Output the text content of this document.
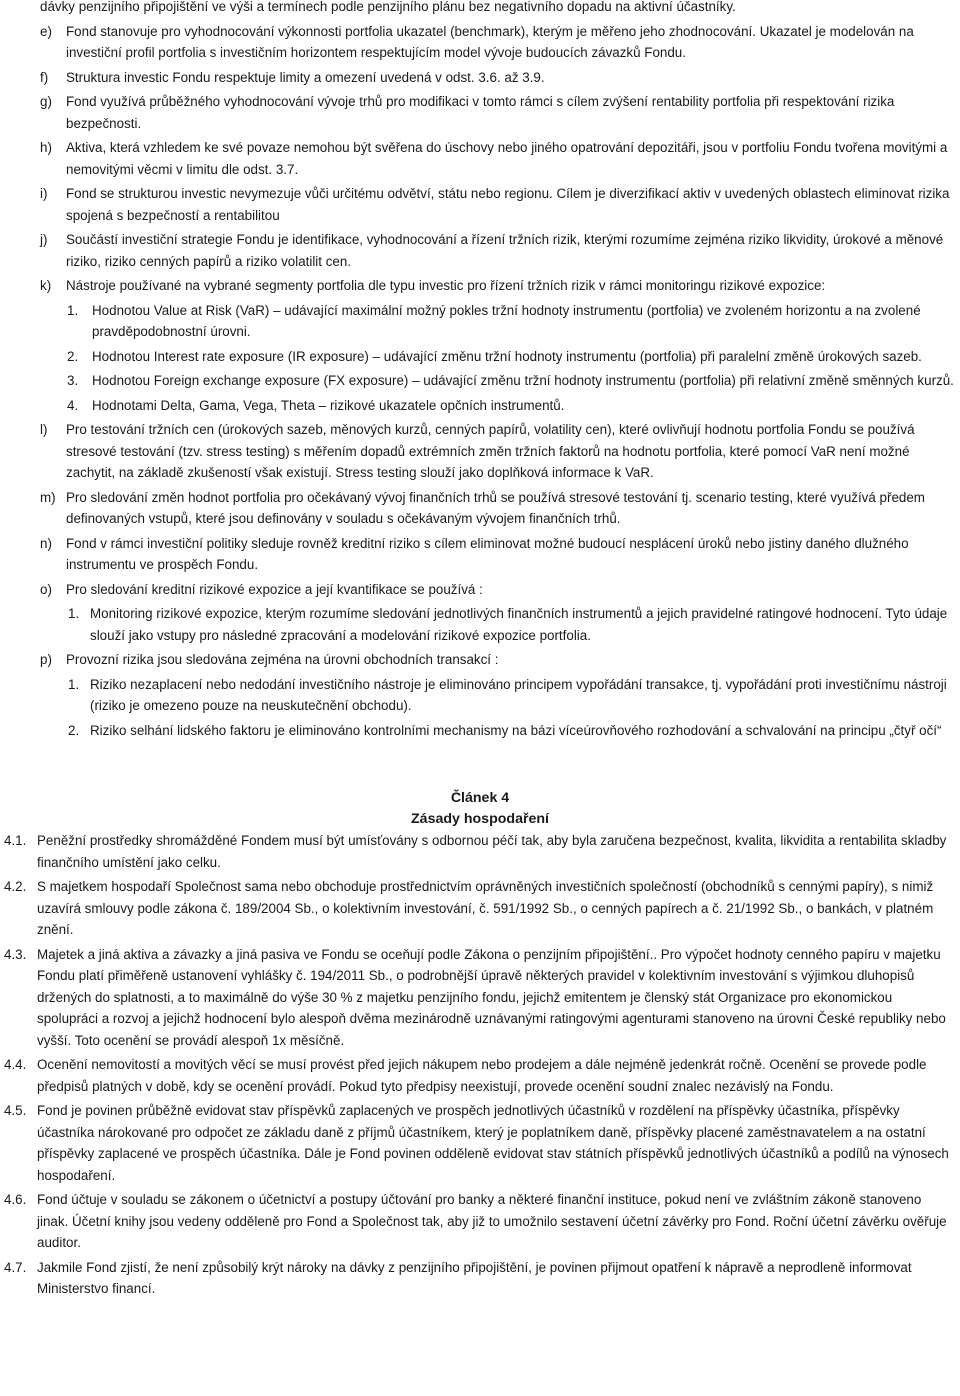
dávky penzijního připojištění ve výši a termínech podle penzijního plánu bez negativního dopadu na aktivní účastníky.
e) Fond stanovuje pro vyhodnocování výkonnosti portfolia ukazatel (benchmark), kterým je měřeno jeho zhodnocování. Ukazatel je modelován na investiční profil portfolia s investičním horizontem respektujícím model vývoje budoucích závazků Fondu.
f) Struktura investic Fondu respektuje limity a omezení uvedená v odst. 3.6. až 3.9.
g) Fond využívá průběžného vyhodnocování vývoje trhů pro modifikaci v tomto rámci s cílem zvýšení rentability portfolia při respektování rizika bezpečnosti.
h) Aktiva, která vzhledem ke své povaze nemohou být svěřena do úschovy nebo jiného opatrování depozitáři, jsou v portfoliu Fondu tvořena movitými a nemovitými věcmi v limitu dle odst. 3.7.
i) Fond se strukturou investic nevymezuje vůči určitému odvětví, státu nebo regionu. Cílem je diverzifikací aktiv v uvedených oblastech eliminovat rizika spojená s bezpečností a rentabilitou
j) Součástí investiční strategie Fondu je identifikace, vyhodnocování a řízení tržních rizik, kterými rozumíme zejména riziko likvidity, úrokové a měnové riziko, riziko cenných papírů a riziko volatilit cen.
k) Nástroje používané na vybrané segmenty portfolia dle typu investic pro řízení tržních rizik v rámci monitoringu rizikové expozice:
1. Hodnotou Value at Risk (VaR) – udávající maximální možný pokles tržní hodnoty instrumentu (portfolia) ve zvoleném horizontu a na zvolené pravděpodobnostní úrovni.
2. Hodnotou Interest rate exposure (IR exposure) – udávající změnu tržní hodnoty instrumentu (portfolia) při paralelní změně úrokových sazeb.
3. Hodnotou Foreign exchange exposure (FX exposure) – udávající změnu tržní hodnoty instrumentu (portfolia) při relativní změně směnných kurzů.
4. Hodnotami Delta, Gama, Vega, Theta – rizikové ukazatele opčních instrumentů.
l) Pro testování tržních cen (úrokových sazeb, měnových kurzů, cenných papírů, volatility cen), které ovlivňují hodnotu portfolia Fondu se používá stresové testování (tzv. stress testing) s měřením dopadů extrémních změn tržních faktorů na hodnotu portfolia, které pomocí VaR není možné zachytit, na základě zkušeností však existují. Stress testing slouží jako doplňková informace k VaR.
m) Pro sledování změn hodnot portfolia pro očekávaný vývoj finančních trhů se používá stresové testování tj. scenario testing, které využívá předem definovaných vstupů, které jsou definovány v souladu s očekávaným vývojem finančních trhů.
n) Fond v rámci investiční politiky sleduje rovněž kreditní riziko s cílem eliminovat možné budoucí nesplácení úroků nebo jistiny daného dlužného instrumentu ve prospěch Fondu.
o) Pro sledování kreditní rizikové expozice a její kvantifikace se používá :
1. Monitoring rizikové expozice, kterým rozumíme sledování jednotlivých finančních instrumentů a jejich pravidelné ratingové hodnocení. Tyto údaje slouží jako vstupy pro následné zpracování a modelování rizikové expozice portfolia.
p) Provozní rizika jsou sledována zejména na úrovni obchodních transakcí :
1. Riziko nezaplacení nebo nedodání investičního nástroje je eliminováno principem vypořádání transakce, tj. vypořádání proti investičnímu nástroji (riziko je omezeno pouze na neuskutečnění obchodu).
2. Riziko selhání lidského faktoru je eliminováno kontrolními mechanismy na bázi víceúrovňového rozhodování a schvalování na principu „čtyř očí“
Článek 4
Zásady hospodaření
4.1. Peněžní prostředky shromážděné Fondem musí být umísťovány s odbornou péčí tak, aby byla zaručena bezpečnost, kvalita, likvidita a rentabilita skladby finančního umístění jako celku.
4.2. S majetkem hospodaří Společnost sama nebo obchoduje prostřednictvím oprávněných investičních společností (obchodníků s cennými papíry), s nimiž uzavírá smlouvy podle zákona č. 189/2004 Sb., o kolektivním investování, č. 591/1992 Sb., o cenných papírech a č. 21/1992 Sb., o bankách, v platném znění.
4.3. Majetek a jiná aktiva a závazky a jiná pasiva ve Fondu se oceňují podle Zákona o penzijním připojištění.. Pro výpočet hodnoty cenného papíru v majetku Fondu platí přiměřeně ustanovení vyhlášky č. 194/2011 Sb., o podrobnější úpravě některých pravidel v kolektivním investování s výjimkou dluhopisů držených do splatnosti, a to maximálně do výše 30 % z majetku penzijního fondu, jejichž emitentem je členský stát Organizace pro ekonomickou spolupráci a rozvoj a jejichž hodnocení bylo alespoň dvěma mezinárodně uznávanými ratingovými agenturami stanoveno na úrovni České republiky nebo vyšší. Toto ocenění se provádí alespoň 1x měsíčně.
4.4. Ocenění nemovitostí a movitých věcí se musí provést před jejich nákupem nebo prodejem a dále nejméně jedenkrát ročně. Ocenění se provede podle předpisů platných v době, kdy se ocenění provádí. Pokud tyto předpisy neexistují, provede ocenění soudní znalec nezávislý na Fondu.
4.5. Fond je povinen průběžně evidovat stav příspěvků zaplacených ve prospěch jednotlivých účastníků v rozdělení na příspěvky účastníka, příspěvky účastníka nárokované pro odpočet ze základu daně z příjmů účastníkem, který je poplatníkem daně, příspěvky placené zaměstnavatelem a na ostatní příspěvky zaplacené ve prospěch účastníka. Dále je Fond povinen odděleně evidovat stav státních příspěvků jednotlivých účastníků a podílů na výnosech hospodaření.
4.6. Fond účtuje v souladu se zákonem o účetnictví a postupy účtování pro banky a některé finanční instituce, pokud není ve zvláštním zákoně stanoveno jinak. Účetní knihy jsou vedeny odděleně pro Fond a Společnost tak, aby již to umožnilo sestavení účetní závěrky pro Fond. Roční účetní závěrku ověřuje auditor.
4.7. Jakmile Fond zjistí, že není způsobilý krýt nároky na dávky z penzijního připojištění, je povinen přijmout opatření k nápravě a neprodleně informovat Ministerstvo financí.
